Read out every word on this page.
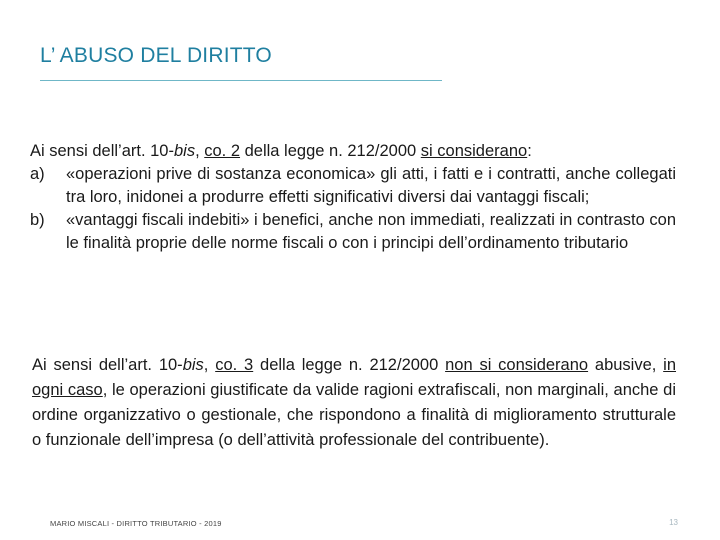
L’ ABUSO DEL DIRITTO

Ai sensi dell’art. 10-bis, co. 2 della legge n. 212/2000 si considerano:

a)	«operazioni prive di sostanza economica» gli atti, i fatti e i contratti, anche collegati tra loro, inidonei a produrre effetti significativi diversi dai vantaggi fiscali;
b)	«vantaggi fiscali indebiti» i benefici, anche non immediati, realizzati in contrasto con le finalità proprie delle norme fiscali o con i principi dell’ordinamento tributario

Ai sensi dell’art. 10-bis, co. 3 della legge n. 212/2000 non si considerano abusive, in ogni caso, le operazioni giustificate da valide ragioni extrafiscali, non marginali, anche di ordine organizzativo o gestionale, che rispondono a finalità di miglioramento strutturale o funzionale dell’impresa (o dell’attività professionale del contribuente).

MARIO MISCALI - DIRITTO TRIBUTARIO - 2019	13
